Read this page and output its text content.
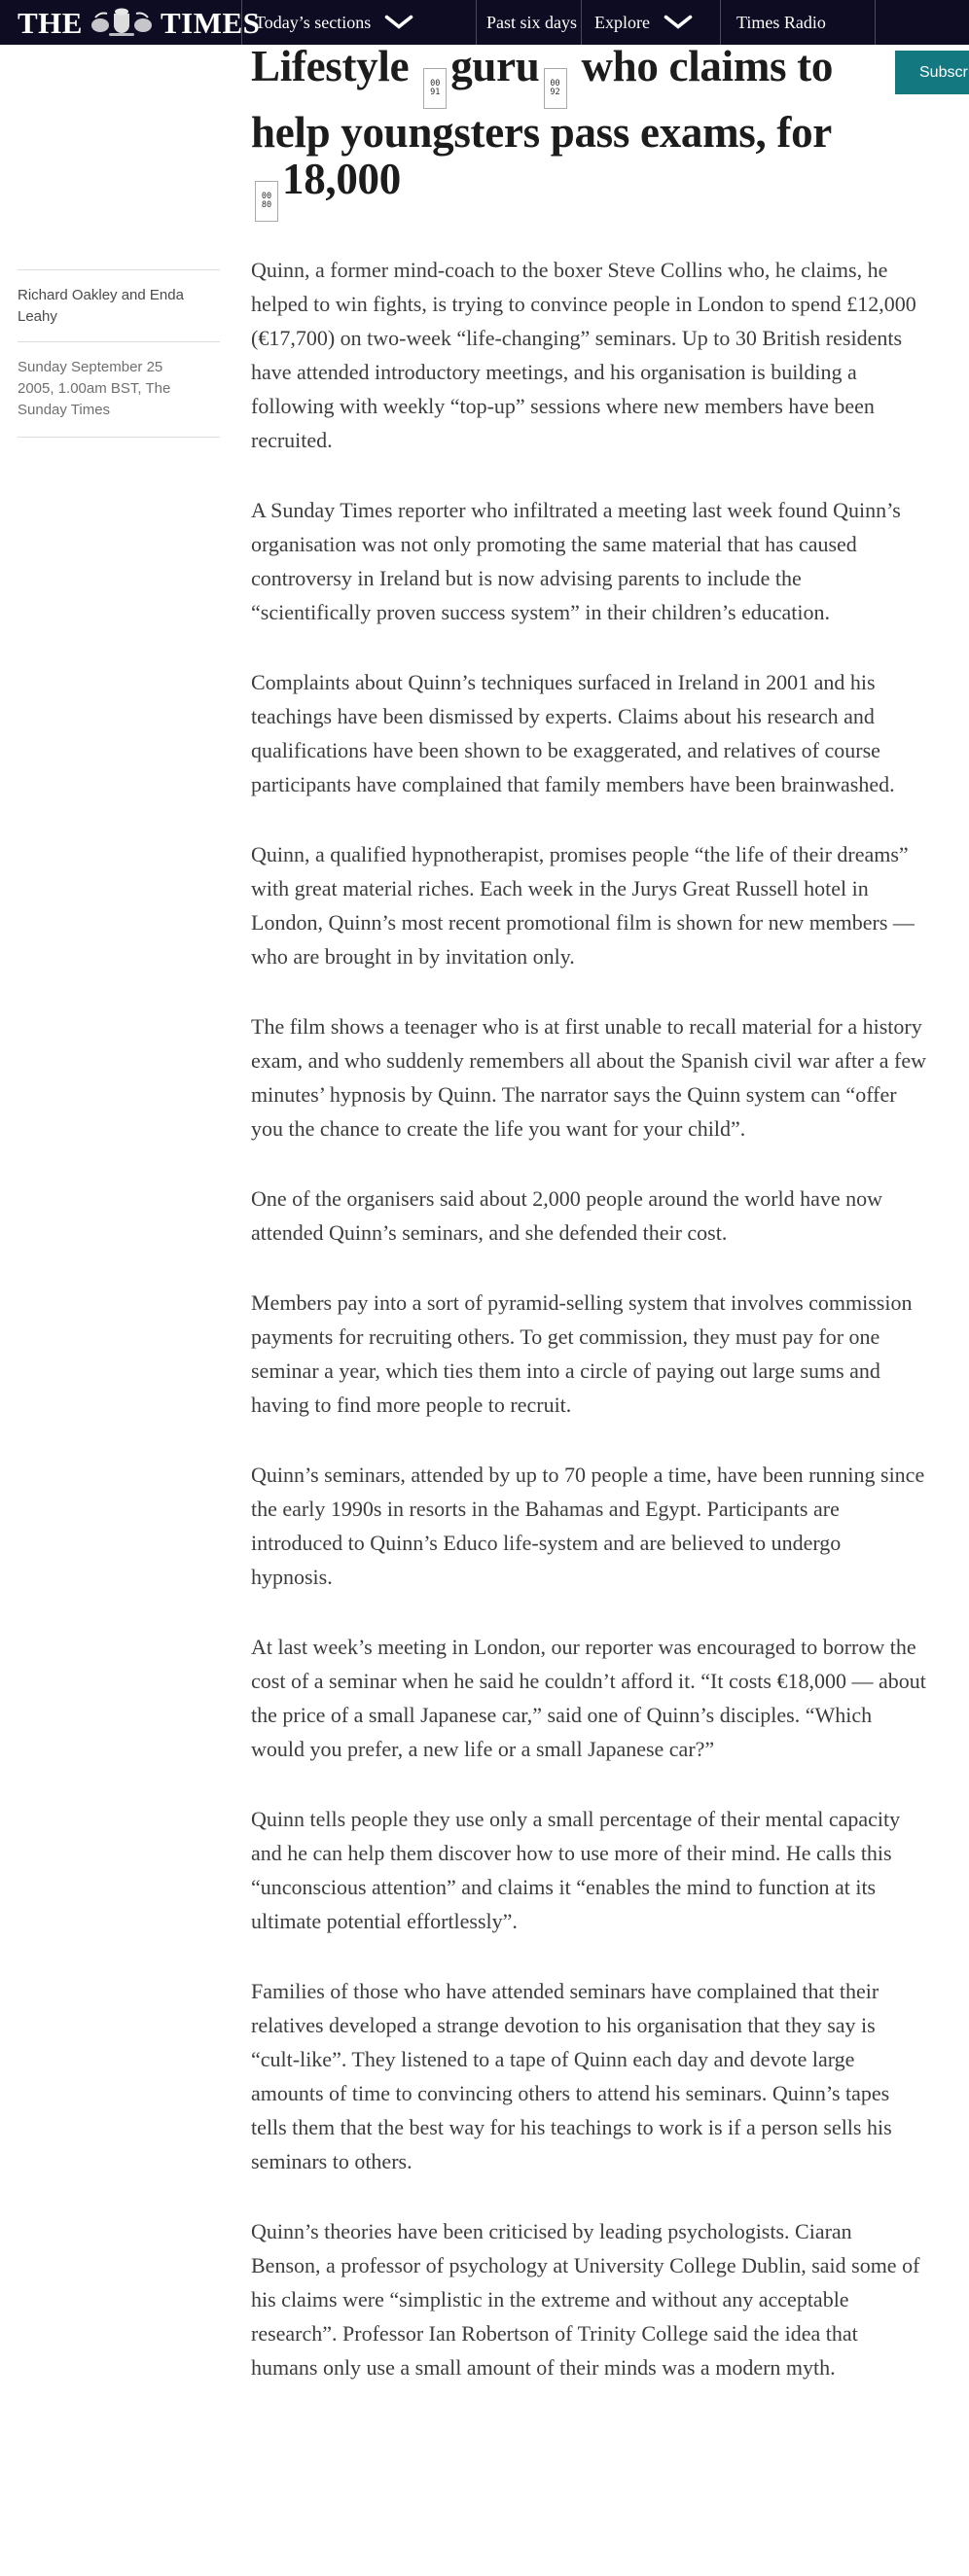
THE	TIMES
Today’s sections	Past six days Explore	Times Radio
Subscr
Lifestyle 00
91
guru 00
92
who claims to
help youngsters pass exams, for
00
80
18,000
Richard Oakley and Enda Leahy
Sunday September 25 2005, 1.00am BST, The Sunday Times

Quinn, a former mind-coach to the boxer Steve Collins who, he claims, he helped to win fights, is trying to convince people in London to spend £12,000 (€17,700) on two-week “life-changing” seminars. Up to 30 British residents have attended introductory meetings, and his organisation is building a following with weekly “top-up” sessions where new members have been recruited.

A Sunday Times reporter who infiltrated a meeting last week found Quinn’s organisation was not only promoting the same material that has caused controversy in Ireland but is now advising parents to include the “scientifically proven success system” in their children’s education.

Complaints about Quinn’s techniques surfaced in Ireland in 2001 and his teachings have been dismissed by experts. Claims about his research and qualifications have been shown to be exaggerated, and relatives of course participants have complained that family members have been brainwashed.

Quinn, a qualified hypnotherapist, promises people “the life of their dreams” with great material riches. Each week in the Jurys Great Russell hotel in London, Quinn’s most recent promotional film is shown for new members — who are brought in by invitation only.

The film shows a teenager who is at first unable to recall material for a history exam, and who suddenly remembers all about the Spanish civil war after a few minutes’ hypnosis by Quinn. The narrator says the Quinn system can “offer you the chance to create the life you want for your child”.

One of the organisers said about 2,000 people around the world have now attended Quinn’s seminars, and she defended their cost.

Members pay into a sort of pyramid-selling system that involves commission payments for recruiting others. To get commission, they must pay for one seminar a year, which ties them into a circle of paying out large sums and having to find more people to recruit.

Quinn’s seminars, attended by up to 70 people a time, have been running since the early 1990s in resorts in the Bahamas and Egypt. Participants are introduced to Quinn’s Educo life-system and are believed to undergo hypnosis.

At last week’s meeting in London, our reporter was encouraged to borrow the cost of a seminar when he said he couldn’t afford it. “It costs €18,000 — about the price of a small Japanese car,” said one of Quinn’s disciples. “Which would you prefer, a new life or a small Japanese car?”

Quinn tells people they use only a small percentage of their mental capacity and he can help them discover how to use more of their mind. He calls this “unconscious attention” and claims it “enables the mind to function at its ultimate potential effortlessly”.

Families of those who have attended seminars have complained that their relatives developed a strange devotion to his organisation that they say is “cult-like”. They listened to a tape of Quinn each day and devote large amounts of time to convincing others to attend his seminars. Quinn’s tapes tells them that the best way for his teachings to work is if a person sells his seminars to others.

Quinn’s theories have been criticised by leading psychologists. Ciaran Benson, a professor of psychology at University College Dublin, said some of his claims were “simplistic in the extreme and without any acceptable research”. Professor Ian Robertson of Trinity College said the idea that humans only use a small amount of their minds was a modern myth.
